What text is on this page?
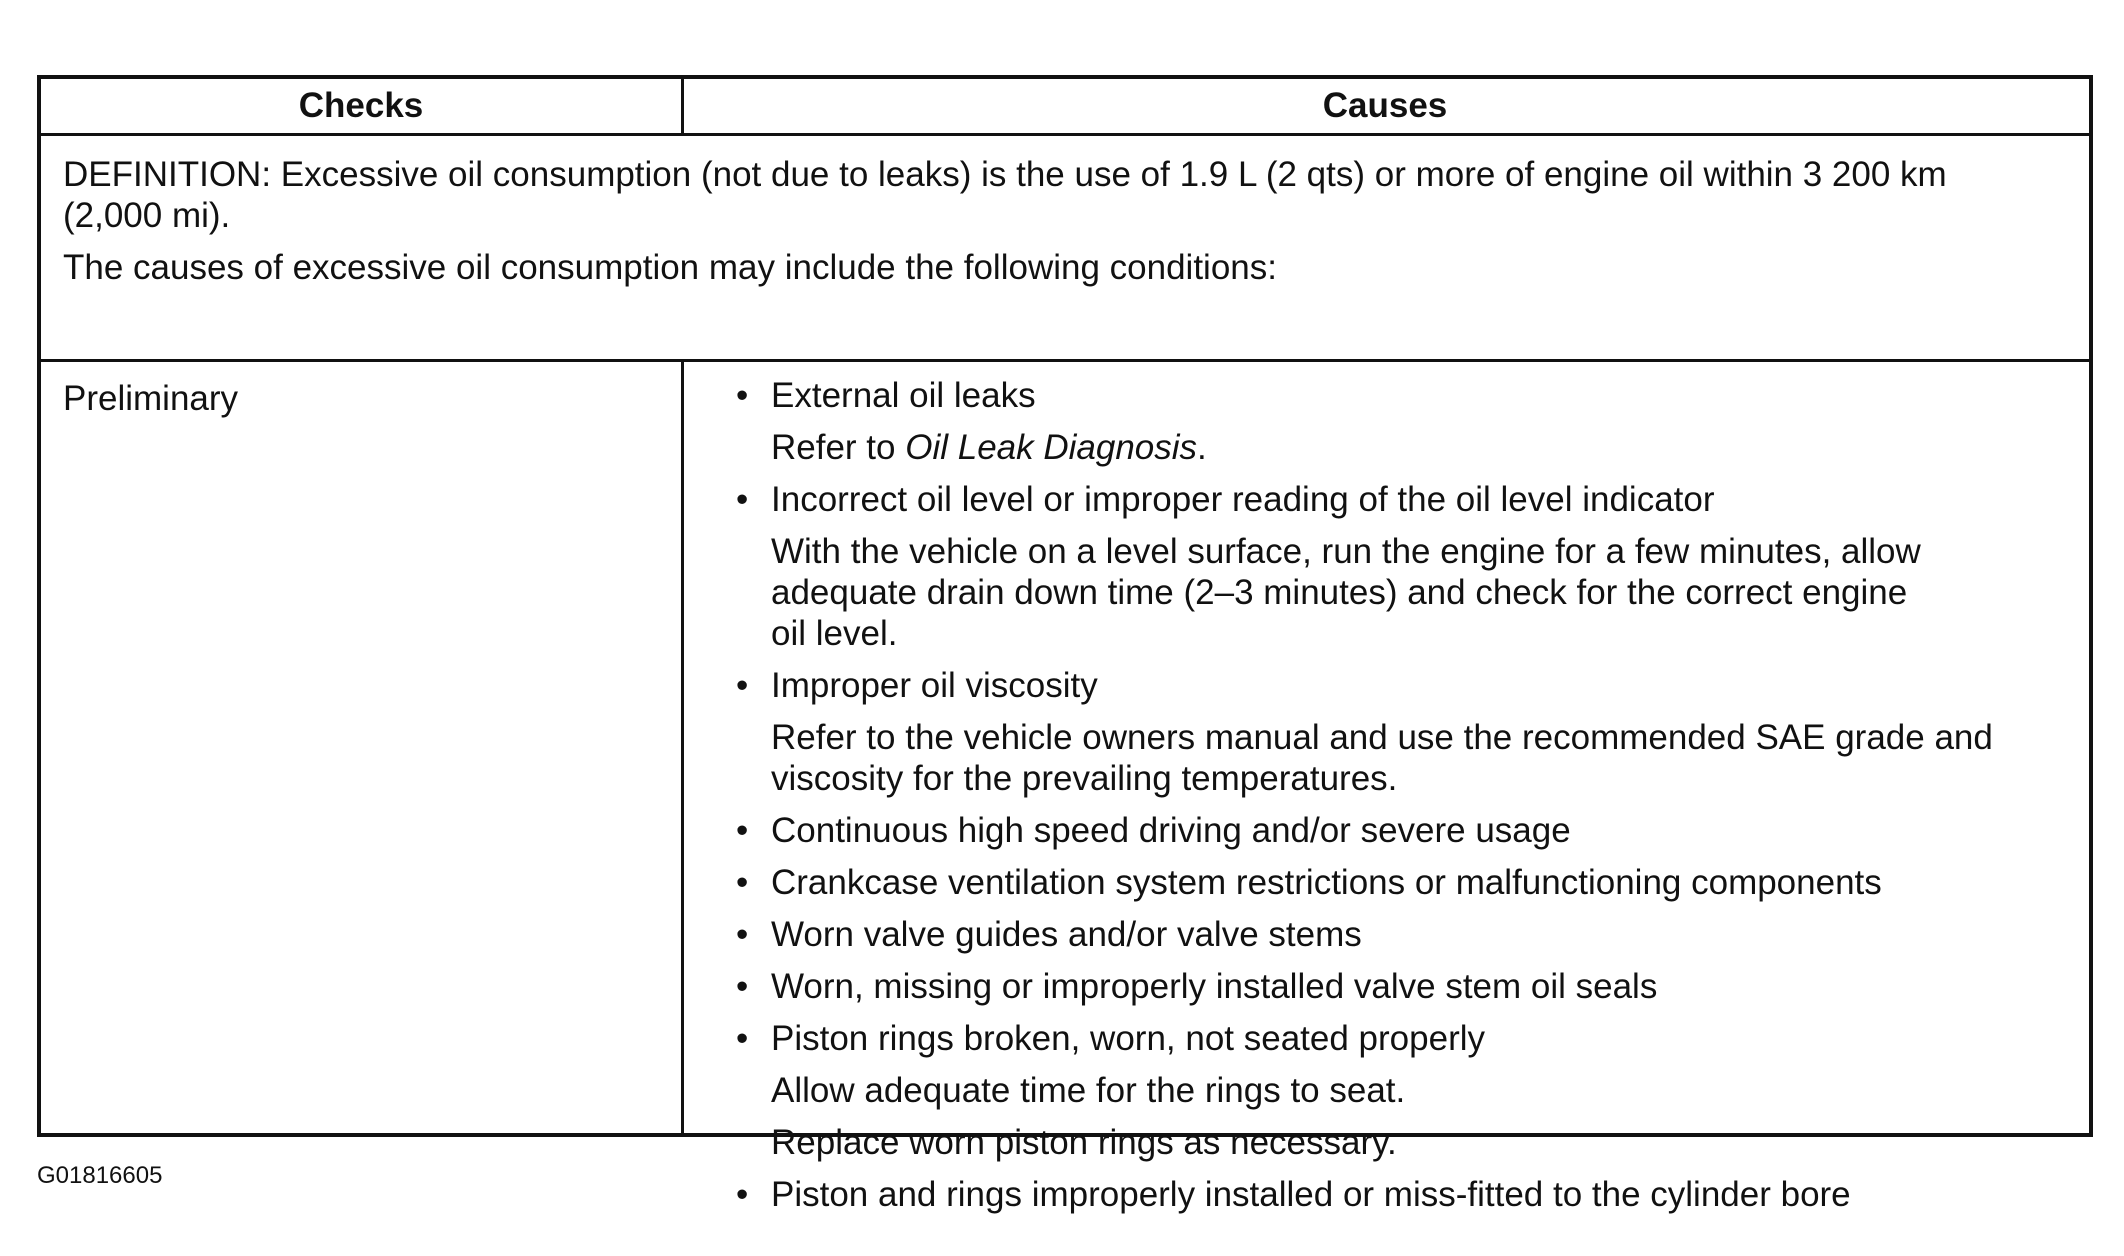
Checks	Causes

DEFINITION: Excessive oil consumption (not due to leaks) is the use of 1.9 L (2 qts) or more of engine oil within 3 200 km (2,000 mi).

The causes of excessive oil consumption may include the following conditions:

Preliminary	• External oil leaks
Refer to Oil Leak Diagnosis.
• Incorrect oil level or improper reading of the oil level indicator
With the vehicle on a level surface, run the engine for a few minutes, allow adequate drain down time (2–3 minutes) and check for the correct engine oil level.
• Improper oil viscosity
Refer to the vehicle owners manual and use the recommended SAE grade and viscosity for the prevailing temperatures.
• Continuous high speed driving and/or severe usage
• Crankcase ventilation system restrictions or malfunctioning components
• Worn valve guides and/or valve stems
• Worn, missing or improperly installed valve stem oil seals
• Piston rings broken, worn, not seated properly
Allow adequate time for the rings to seat.
Replace worn piston rings as necessary.
• Piston and rings improperly installed or miss-fitted to the cylinder bore
G01816605
